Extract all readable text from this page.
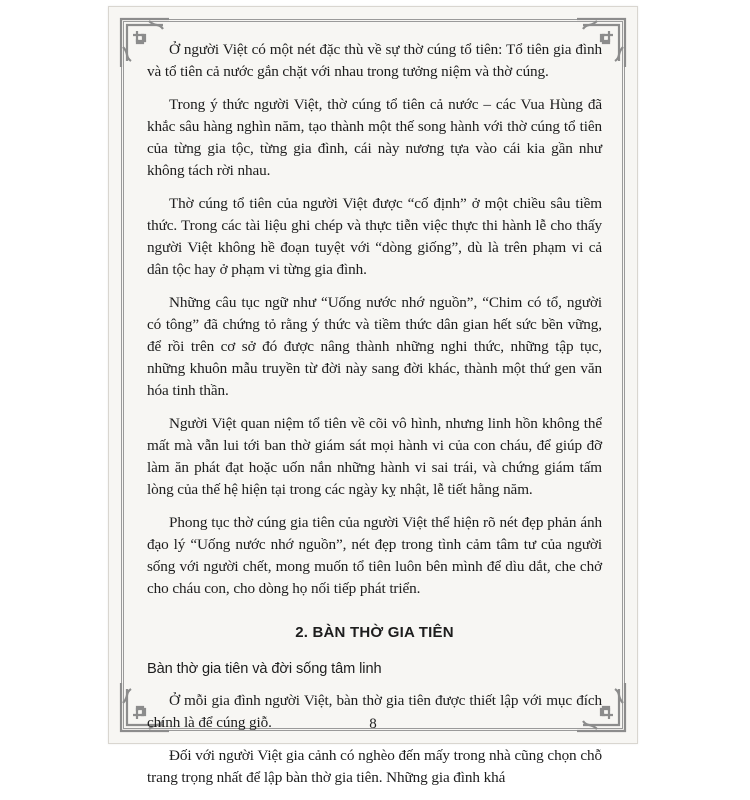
Ở người Việt có một nét đặc thù về sự thờ cúng tổ tiên: Tổ tiên gia đình và tổ tiên cả nước gắn chặt với nhau trong tưởng niệm và thờ cúng.

Trong ý thức người Việt, thờ cúng tổ tiên cả nước – các Vua Hùng đã khắc sâu hàng nghìn năm, tạo thành một thế song hành với thờ cúng tổ tiên của từng gia tộc, từng gia đình, cái này nương tựa vào cái kia gần như không tách rời nhau.

Thờ cúng tổ tiên của người Việt được “cố định” ở một chiều sâu tiềm thức. Trong các tài liệu ghi chép và thực tiễn việc thực thi hành lễ cho thấy người Việt không hề đoạn tuyệt với “dòng giống”, dù là trên phạm vi cả dân tộc hay ở phạm vi từng gia đình.

Những câu tục ngữ như “Uống nước nhớ nguồn”, “Chim có tổ, người có tông” đã chứng tỏ rằng ý thức và tiềm thức dân gian hết sức bền vững, để rồi trên cơ sở đó được nâng thành những nghi thức, những tập tục, những khuôn mẫu truyền từ đời này sang đời khác, thành một thứ gen văn hóa tinh thần.

Người Việt quan niệm tổ tiên về cõi vô hình, nhưng linh hồn không thể mất mà vẫn lui tới ban thờ giám sát mọi hành vi của con cháu, để giúp đỡ làm ăn phát đạt hoặc uốn nắn những hành vi sai trái, và chứng giám tấm lòng của thế hệ hiện tại trong các ngày kỵ nhật, lễ tiết hằng năm.

Phong tục thờ cúng gia tiên của người Việt thể hiện rõ nét đẹp phản ánh đạo lý “Uống nước nhớ nguồn”, nét đẹp trong tình cảm tâm tư của người sống với người chết, mong muốn tổ tiên luôn bên mình để dìu dắt, che chở cho cháu con, cho dòng họ nối tiếp phát triển.

2. BÀN THỜ GIA TIÊN
Bàn thờ gia tiên và đời sống tâm linh

Ở mỗi gia đình người Việt, bàn thờ gia tiên được thiết lập với mục đích chính là để cúng giỗ.

Đối với người Việt gia cảnh có nghèo đến mấy trong nhà cũng chọn chỗ trang trọng nhất để lập bàn thờ gia tiên. Những gia đình khá

8
